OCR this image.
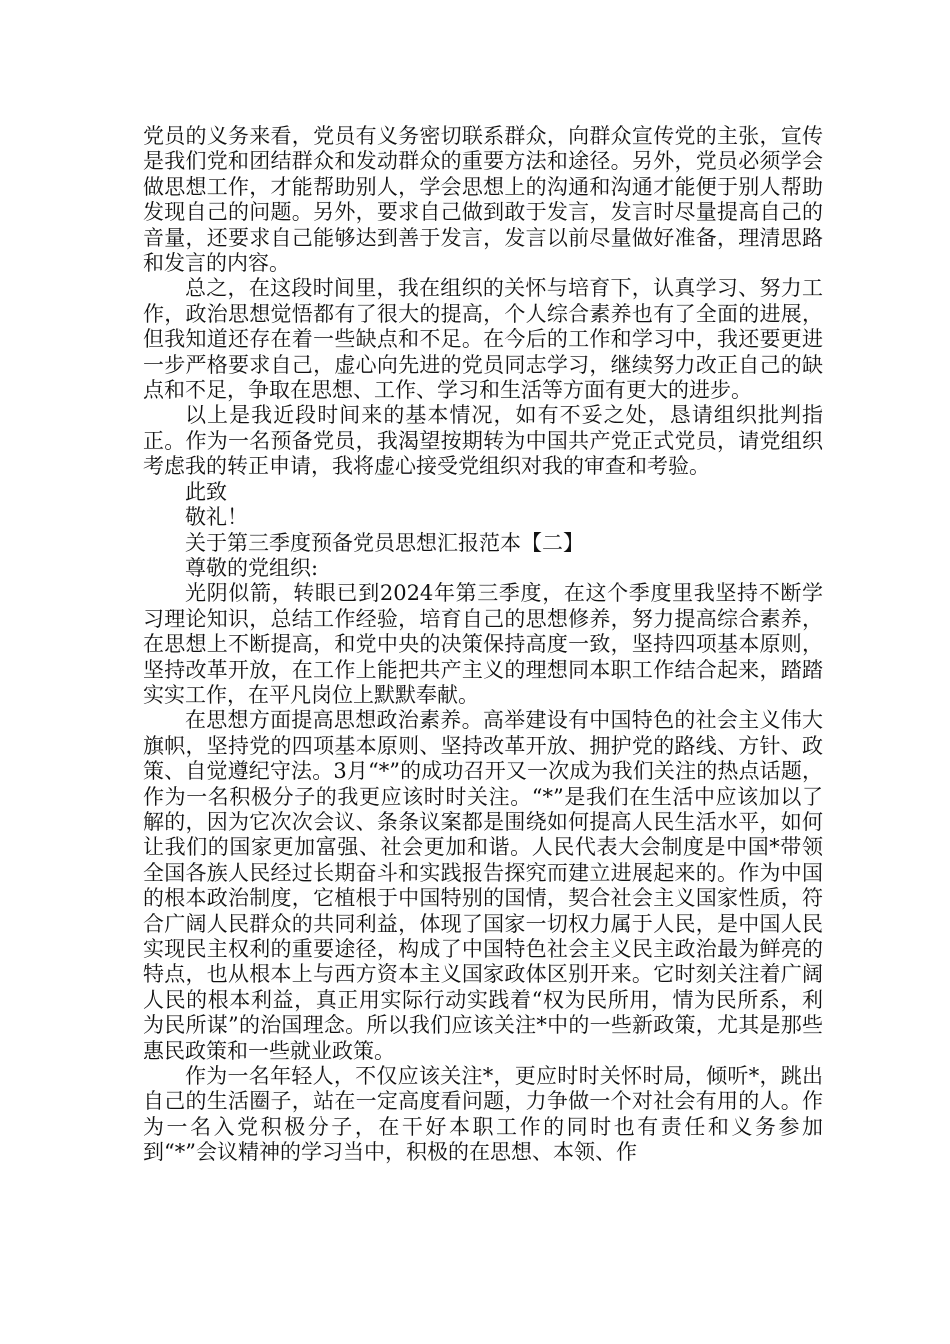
党员的义务来看，党员有义务密切联系群众，向群众宣传党的主张，宣传是我们党和团结群众和发动群众的重要方法和途径。另外，党员必须学会做思想工作，才能帮助别人，学会思想上的沟通和沟通才能便于别人帮助发现自己的问题。另外，要求自己做到敢于发言，发言时尽量提高自己的音量，还要求自己能够达到善于发言，发言以前尽量做好准备，理清思路和发言的内容。

总之，在这段时间里，我在组织的关怀与培育下，认真学习、努力工作，政治思想觉悟都有了很大的提高，个人综合素养也有了全面的进展，但我知道还存在着一些缺点和不足。在今后的工作和学习中，我还要更进一步严格要求自己，虚心向先进的党员同志学习，继续努力改正自己的缺点和不足，争取在思想、工作、学习和生活等方面有更大的进步。

以上是我近段时间来的基本情况，如有不妥之处，恳请组织批判指正。作为一名预备党员，我渴望按期转为中国共产党正式党员，请党组织考虑我的转正申请，我将虚心接受党组织对我的审查和考验。

此致

敬礼！

关于第三季度预备党员思想汇报范本【二】

尊敬的党组织:

光阴似箭，转眼已到2024年第三季度，在这个季度里我坚持不断学习理论知识，总结工作经验，培育自己的思想修养，努力提高综合素养，在思想上不断提高，和党中央的决策保持高度一致，坚持四项基本原则，坚持改革开放，在工作上能把共产主义的理想同本职工作结合起来，踏踏实实工作，在平凡岗位上默默奉献。

在思想方面提高思想政治素养。高举建设有中国特色的社会主义伟大旗帜，坚持党的四项基本原则、坚持改革开放、拥护党的路线、方针、政策、自觉遵纪守法。3月“*”的成功召开又一次成为我们关注的热点话题，作为一名积极分子的我更应该时时关注。“*”是我们在生活中应该加以了解的，因为它次次会议、条条议案都是围绕如何提高人民生活水平，如何让我们的国家更加富强、社会更加和谐。人民代表大会制度是中国*带领全国各族人民经过长期奋斗和实践报告探究而建立进展起来的。作为中国的根本政治制度，它植根于中国特别的国情，契合社会主义国家性质，符合广阔人民群众的共同利益，体现了国家一切权力属于人民，是中国人民实现民主权利的重要途径，构成了中国特色社会主义民主政治最为鲜亮的特点，也从根本上与西方资本主义国家政体区别开来。它时刻关注着广阔人民的根本利益，真正用实际行动实践着“权为民所用，情为民所系，利为民所谋”的治国理念。所以我们应该关注*中的一些新政策，尤其是那些惠民政策和一些就业政策。

作为一名年轻人，不仅应该关注*，更应时时关怀时局，倾听*，跳出自己的生活圈子，站在一定高度看问题，力争做一个对社会有用的人。作为一名入党积极分子，在干好本职工作的同时也有责任和义务参加到“*”会议精神的学习当中，积极的在思想、本领、作
